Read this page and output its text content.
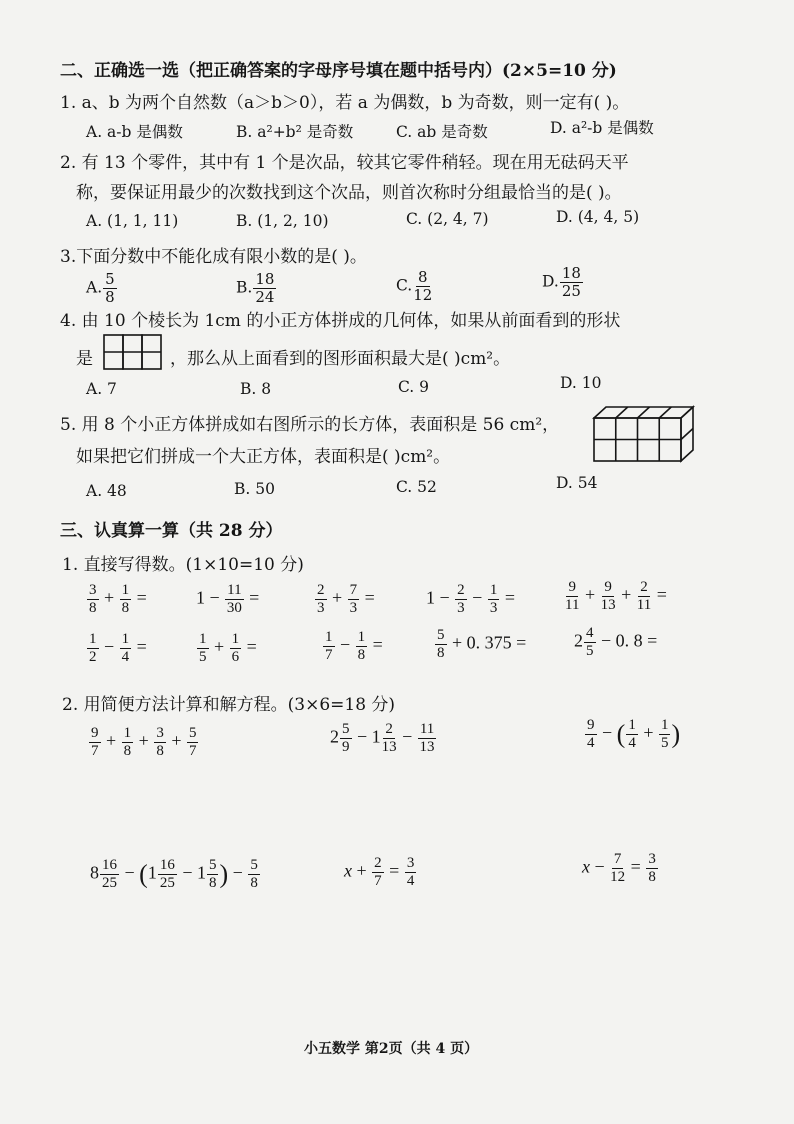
二、正确选一选（把正确答案的字母序号填在题中括号内）(2×5=10 分)
1. a、b 为两个自然数（a＞b＞0），若 a 为偶数，b 为奇数，则一定有( )。
A. a-b 是偶数	B. a²+b² 是奇数	C. ab 是奇数	D. a²-b 是偶数
2. 有 13 个零件，其中有 1 个是次品，较其它零件稍轻。现在用无砝码天平
称，要保证用最少的次数找到这个次品，则首次称时分组最恰当的是( )。
A. (1, 1, 11)	B. (1, 2, 10)	C. (2, 4, 7)	D. (4, 4, 5)
3.下面分数中不能化成有限小数的是( )。
A. $\frac{5}{8}$	B. $\frac{18}{24}$	C. $\frac{8}{12}$	D. $\frac{18}{25}$
4. 由 10 个棱长为 1cm 的小正方体拼成的几何体，如果从前面看到的形状
是	，那么从上面看到的图形面积最大是( )cm²。
A. 7	B. 8	C. 9	D. 10
5. 用 8 个小正方体拼成如右图所示的长方体，表面积是 56 cm²，
如果把它们拼成一个大正方体，表面积是( )cm²。
A. 48	B. 50	C. 52	D. 54
三、认真算一算（共 28 分）
1. 直接写得数。(1×10=10 分)
$\frac{3}{8} + \frac{1}{8}$ =	$1 - \frac{11}{30}$ =	$\frac{2}{3} + \frac{7}{3}$ =	$1 - \frac{2}{3} - \frac{1}{3}$ =	$\frac{9}{11} + \frac{9}{13} + \frac{2}{11}$ =
$\frac{1}{2} - \frac{1}{4}$ =	$\frac{1}{5} + \frac{1}{6}$ =	$\frac{1}{7} - \frac{1}{8}$ =	$\frac{5}{8} + 0$. 375 =	$2 \frac{4}{5} - 0$. 8 =
2. 用简便方法计算和解方程。(3×6=18 分)
$\frac{9}{7} + \frac{1}{8} + \frac{3}{8} + \frac{5}{7}$	$2 \frac{5}{9} - 1 \frac{2}{13} - \frac{11}{13}$	$\frac{9}{4}$ − ( $\frac{1}{4} + \frac{1}{5}$ )
$8 \frac{16}{25} - (1 \frac{16}{25} - 1 \frac{5}{8}$ ) − $\frac{5}{8}$	$x + \frac{2}{7} = \frac{3}{4}$	$x - \frac{7}{12} = \frac{3}{8}$
小五数学 第2页（共 4 页）
